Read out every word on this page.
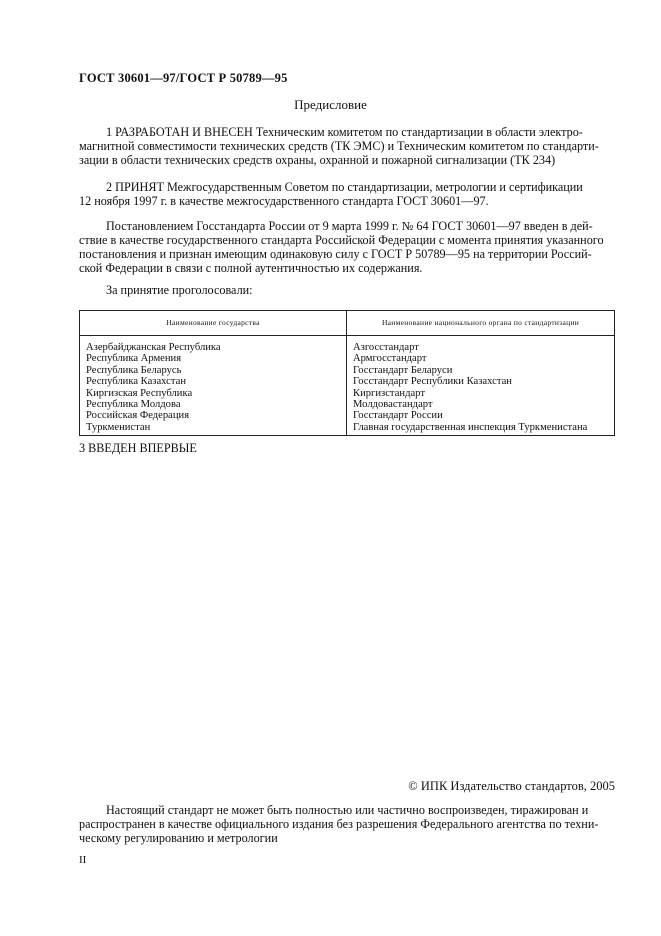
ГОСТ 30601—97/ГОСТ Р 50789—95
Предисловие

1 РАЗРАБОТАН И ВНЕСЕН Техническим комитетом по стандартизации в области электро-

магнитной совместимости технических средств (ТК ЭМС) и Техническим комитетом по стандарти-

зации в области технических средств охраны, охранной и пожарной сигнализации (ТК 234)

2 ПРИНЯТ Межгосударственным Советом по стандартизации, метрологии и сертификации

12 ноября 1997 г. в качестве межгосударственного стандарта ГОСТ 30601—97.

Постановлением Госстандарта России от 9 марта 1999 г. № 64 ГОСТ 30601—97 введен в дей-

ствие в качестве государственного стандарта Российской Федерации с момента принятия указанного

постановления и признан имеющим одинаковую силу с ГОСТ Р 50789—95 на территории Россий-

ской Федерации в связи с полной аутентичностью их содержания.

За принятие проголосовали:

Наименование государства	Наименование национального органа по стандартизации
Азербайджанская Республика	Азгосстандарт
Республика Армения	Армгосстандарт
Республика Беларусь	Госстандарт Беларуси
Республика Казахстан	Госстандарт Республики Казахстан
Киргизская Республика	Киргизстандарт
Республика Молдова	Молдовастандарт
Российская Федерация	Госстандарт России
Туркменистан	Главная государственная инспекция Туркменистана
3 ВВЕДЕН ВПЕРВЫЕ
© ИПК Издательство стандартов, 2005

Настоящий стандарт не может быть полностью или частично воспроизведен, тиражирован и

распространен в качестве официального издания без разрешения Федерального агентства по техни-

ческому регулированию и метрологии

II
